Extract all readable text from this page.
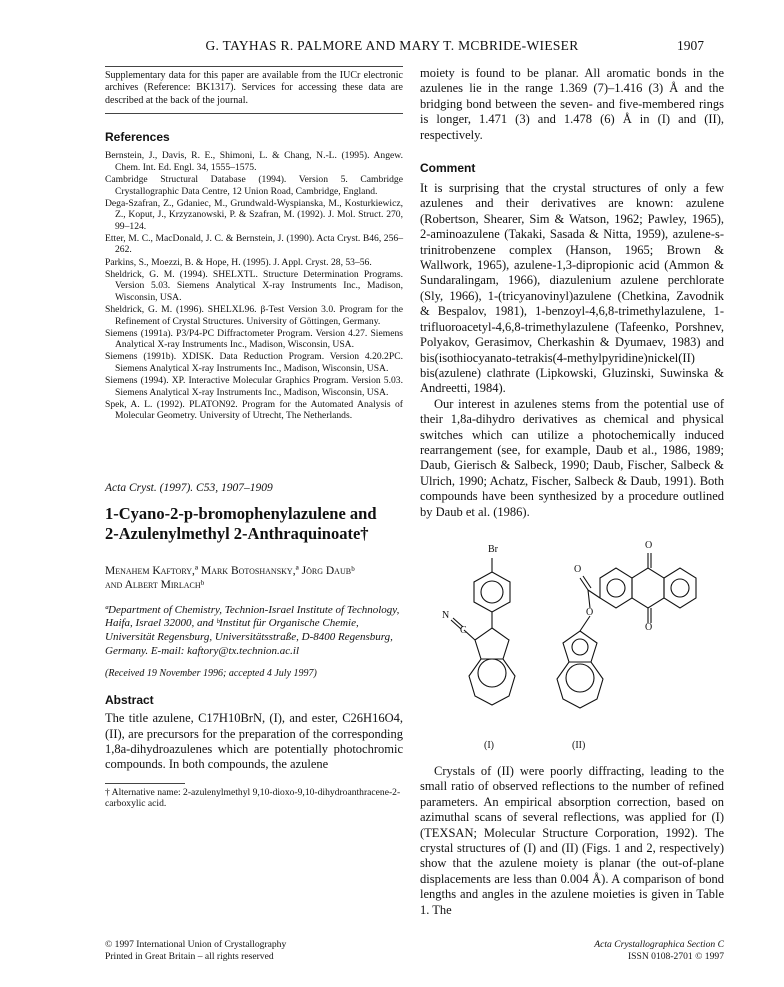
G. TAYHAS R. PALMORE AND MARY T. MCBRIDE-WIESER	1907
Supplementary data for this paper are available from the IUCr electronic archives (Reference: BK1317). Services for accessing these data are described at the back of the journal.
References
Bernstein, J., Davis, R. E., Shimoni, L. & Chang, N.-L. (1995). Angew. Chem. Int. Ed. Engl. 34, 1555–1575.
Cambridge Structural Database (1994). Version 5. Cambridge Crystallographic Data Centre, 12 Union Road, Cambridge, England.
Dega-Szafran, Z., Gdaniec, M., Grundwald-Wyspianska, M., Kosturkiewicz, Z., Koput, J., Krzyzanowski, P. & Szafran, M. (1992). J. Mol. Struct. 270, 99–124.
Etter, M. C., MacDonald, J. C. & Bernstein, J. (1990). Acta Cryst. B46, 256–262.
Parkins, S., Moezzi, B. & Hope, H. (1995). J. Appl. Cryst. 28, 53–56.
Sheldrick, G. M. (1994). SHELXTL. Structure Determination Programs. Version 5.03. Siemens Analytical X-ray Instruments Inc., Madison, Wisconsin, USA.
Sheldrick, G. M. (1996). SHELXL96. β-Test Version 3.0. Program for the Refinement of Crystal Structures. University of Göttingen, Germany.
Siemens (1991a). P3/P4-PC Diffractometer Program. Version 4.27. Siemens Analytical X-ray Instruments Inc., Madison, Wisconsin, USA.
Siemens (1991b). XDISK. Data Reduction Program. Version 4.20.2PC. Siemens Analytical X-ray Instruments Inc., Madison, Wisconsin, USA.
Siemens (1994). XP. Interactive Molecular Graphics Program. Version 5.03. Siemens Analytical X-ray Instruments Inc., Madison, Wisconsin, USA.
Spek, A. L. (1992). PLATON92. Program for the Automated Analysis of Molecular Geometry. University of Utrecht, The Netherlands.
Acta Cryst. (1997). C53, 1907–1909
1-Cyano-2-p-bromophenylazulene and
2-Azulenylmethyl 2-Anthraquinoate†
Menahem Kaftory,ª Mark Botoshansky,ª Jörg Daubᵇ
and Albert Mirlachᵇ
ªDepartment of Chemistry, Technion-Israel Institute of Technology, Haifa, Israel 32000, and ᵇInstitut für Organische Chemie, Universität Regensburg, Universitätsstraße, D-8400 Regensburg, Germany. E-mail: kaftory@tx.technion.ac.il
(Received 19 November 1996; accepted 4 July 1997)
Abstract

The title azulene, C17H10BrN, (I), and ester, C26H16O4, (II), are precursors for the preparation of the corresponding 1,8a-dihydroazulenes which are potentially photochromic compounds. In both compounds, the azulene

† Alternative name: 2-azulenylmethyl 9,10-dioxo-9,10-dihydroanthracene-2-carboxylic acid.

moiety is found to be planar. All aromatic bonds in the azulenes lie in the range 1.369 (7)–1.416 (3) Å and the bridging bond between the seven- and five-membered rings is longer, 1.471 (3) and 1.478 (6) Å in (I) and (II), respectively.

Comment

It is surprising that the crystal structures of only a few azulenes and their derivatives are known: azulene (Robertson, Shearer, Sim & Watson, 1962; Pawley, 1965), 2-aminoazulene (Takaki, Sasada & Nitta, 1959), azulene-s-trinitrobenzene complex (Hanson, 1965; Brown & Wallwork, 1965), azulene-1,3-dipropionic acid (Ammon & Sundaralingam, 1966), diazulenium azulene perchlorate (Sly, 1966), 1-(tricyanovinyl)azulene (Chetkina, Zavodnik & Bespalov, 1981), 1-benzoyl-4,6,8-trimethylazulene, 1-trifluoroacetyl-4,6,8-trimethylazulene (Tafeenko, Porshnev, Polyakov, Gerasimov, Cherkashin & Dyumaev, 1983) and bis(isothiocyanato-tetrakis(4-methylpyridine)nickel(II) bis(azulene) clathrate (Lipkowski, Gluzinski, Suwinska & Andreetti, 1984).

Our interest in azulenes stems from the potential use of their 1,8a-dihydro derivatives as chemical and physical switches which can utilize a photochemically induced rearrangement (see, for example, Daub et al., 1986, 1989; Daub, Gierisch & Salbeck, 1990; Daub, Fischer, Salbeck & Ulrich, 1990; Achatz, Fischer, Salbeck & Daub, 1991). Both compounds have been synthesized by a procedure outlined by Daub et al. (1986).

Br
N
C
O
O
O
O
(I)	(II)

Crystals of (II) were poorly diffracting, leading to the small ratio of observed reflections to the number of refined parameters. An empirical absorption correction, based on azimuthal scans of several reflections, was applied for (I) (TEXSAN; Molecular Structure Corporation, 1992). The crystal structures of (I) and (II) (Figs. 1 and 2, respectively) show that the azulene moiety is planar (the out-of-plane displacements are less than 0.004 Å). A comparison of bond lengths and angles in the azulene moieties is given in Table 1. The

© 1997 International Union of Crystallography
Printed in Great Britain – all rights reserved
Acta Crystallographica Section C
ISSN 0108-2701 © 1997
